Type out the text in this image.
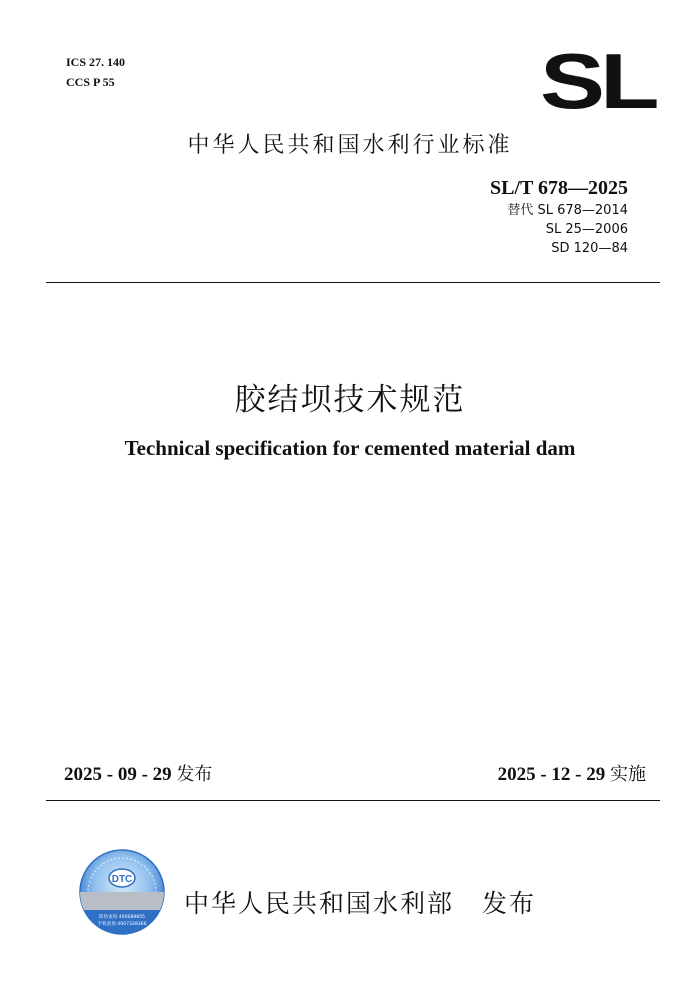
ICS 27. 140
CCS P 55	SL
中华人民共和国水利行业标准
SL/T 678—2025
替代 SL 678—2014
SL 25—2006
SD 120—84
胶结坝技术规范
Technical specification for cemented material dam
2025 - 09 - 29 发布	2025 - 12 - 29 实施
DTC
防伪查询 400689855
手机查询 4007328366
中华人民共和国水利部 发布
